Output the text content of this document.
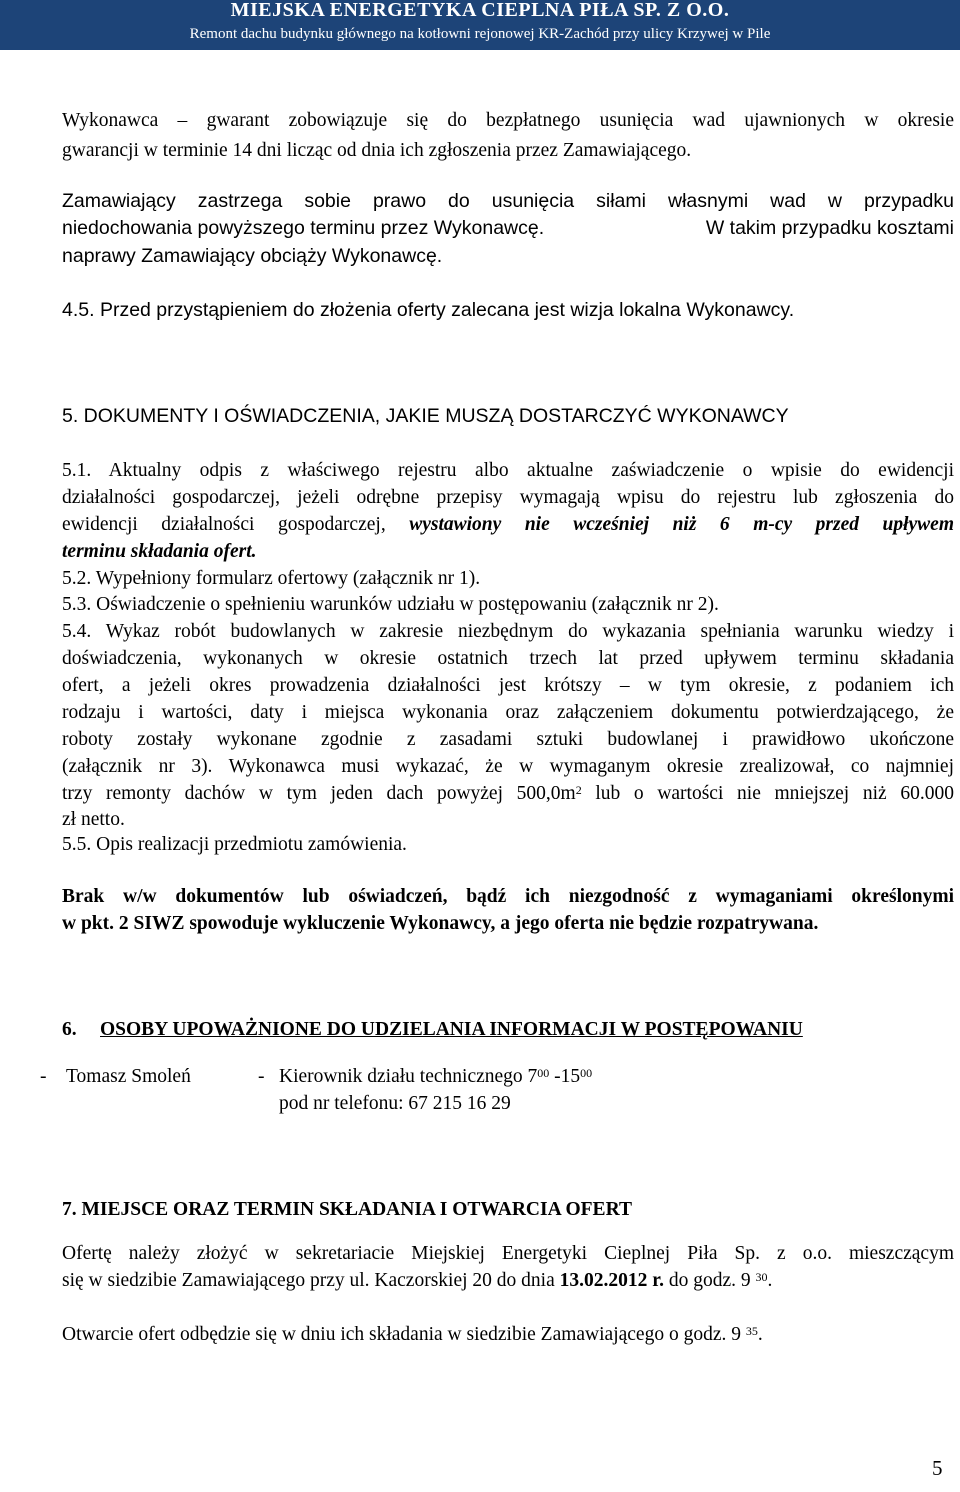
MIEJSKA ENERGETYKA CIEPLNA PIŁA SP. Z O.O.
Remont dachu budynku głównego na kotłowni rejonowej KR-Zachód przy ulicy Krzywej w Pile
Wykonawca – gwarant zobowiązuje się do bezpłatnego usunięcia wad ujawnionych w okresie
gwarancji w terminie 14 dni licząc od dnia ich zgłoszenia przez Zamawiającego.
Zamawiający zastrzega sobie prawo do usunięcia siłami własnymi wad w przypadku
niedochowania powyższego terminu przez Wykonawcę.	W takim przypadku kosztami
naprawy Zamawiający obciąży Wykonawcę.
4.5. Przed przystąpieniem do złożenia oferty zalecana jest wizja lokalna Wykonawcy.
5. DOKUMENTY I OŚWIADCZENIA, JAKIE MUSZĄ DOSTARCZYĆ WYKONAWCY
5.1. Aktualny odpis z właściwego rejestru albo aktualne zaświadczenie o wpisie do ewidencji
działalności gospodarczej, jeżeli odrębne przepisy wymagają wpisu do rejestru lub zgłoszenia do
ewidencji działalności gospodarczej, wystawiony nie wcześniej niż 6 m-cy przed upływem
terminu składania ofert.
5.2. Wypełniony formularz ofertowy (załącznik nr 1).
5.3. Oświadczenie o spełnieniu warunków udziału w postępowaniu (załącznik nr 2).
5.4. Wykaz robót budowlanych w zakresie niezbędnym do wykazania spełniania warunku wiedzy i
doświadczenia, wykonanych w okresie ostatnich trzech lat przed upływem terminu składania
ofert, a jeżeli okres prowadzenia działalności jest krótszy – w tym okresie, z podaniem ich
rodzaju i wartości, daty i miejsca wykonania oraz załączeniem dokumentu potwierdzającego, że
roboty zostały wykonane zgodnie z zasadami sztuki budowlanej i prawidłowo ukończone
(załącznik nr 3). Wykonawca musi wykazać, że w wymaganym okresie zrealizował, co najmniej
trzy remonty dachów w tym jeden dach powyżej $500,0m^2$ lub o wartości nie mniejszej niż 60.000
zł netto.
5.5. Opis realizacji przedmiotu zamówienia.
Brak w/w dokumentów lub oświadczeń, bądź ich niezgodność z wymaganiami określonymi
w pkt. 2 SIWZ spowoduje wykluczenie Wykonawcy, a jego oferta nie będzie rozpatrywana.
6. OSOBY UPOWAŻNIONE DO UDZIELANIA INFORMACJI W POSTĘPOWANIU
- Tomasz Smoleń	- Kierownik działu technicznego $7^{00}$ $-15^{00}$
pod nr telefonu: 67 215 16 29
7. MIEJSCE ORAZ TERMIN SKŁADANIA I OTWARCIA OFERT
Ofertę należy złożyć w sekretariacie Miejskiej Energetyki Cieplnej Piła Sp. z o.o. mieszczącym
się w siedzibie Zamawiającego przy ul. Kaczorskiej 20 do dnia 13.02.2012 r. do godz. 9 $^{30}$.
Otwarcie ofert odbędzie się w dniu ich składania w siedzibie Zamawiającego o godz. 9 $^{35}$.
5
